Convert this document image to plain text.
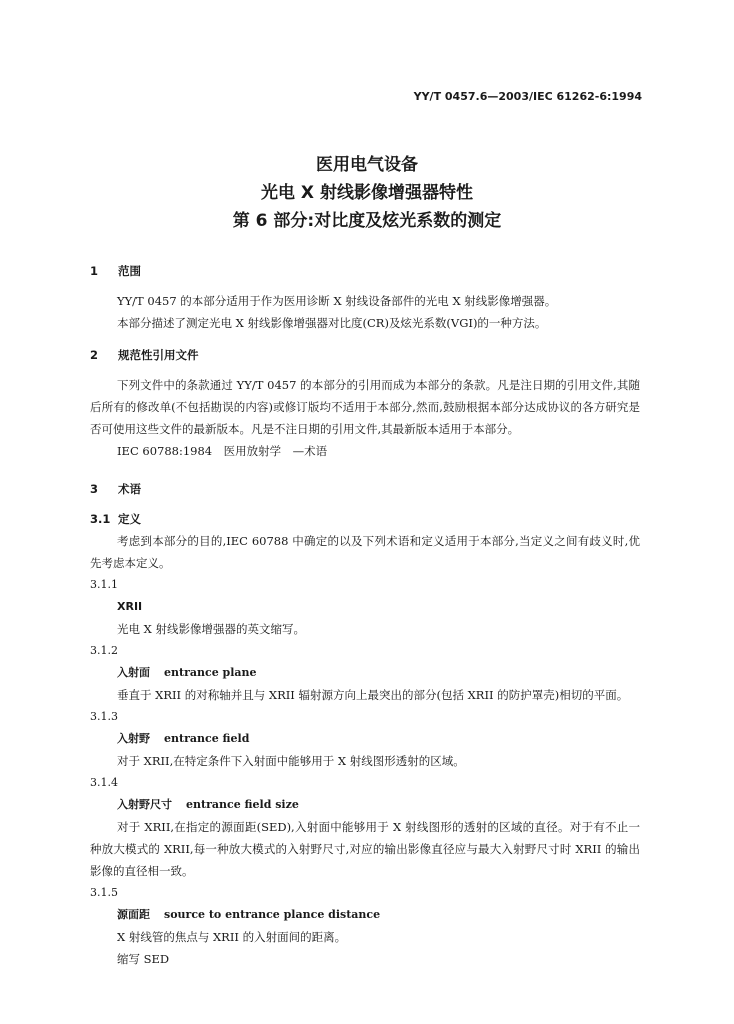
YY/T 0457.6—2003/IEC 61262-6:1994
医用电气设备
光电 X 射线影像增强器特性
第 6 部分:对比度及炫光系数的测定
1 范围
YY/T 0457 的本部分适用于作为医用诊断 X 射线设备部件的光电 X 射线影像增强器。
本部分描述了测定光电 X 射线影像增强器对比度(CR)及炫光系数(VGI)的一种方法。
2 规范性引用文件
下列文件中的条款通过 YY/T 0457 的本部分的引用而成为本部分的条款。凡是注日期的引用文件,其随后所有的修改单(不包括勘误的内容)或修订版均不适用于本部分,然而,鼓励根据本部分达成协议的各方研究是否可使用这些文件的最新版本。凡是不注日期的引用文件,其最新版本适用于本部分。
IEC 60788:1984　医用放射学　—术语
3 术语
3.1 定义
考虑到本部分的目的,IEC 60788 中确定的以及下列术语和定义适用于本部分,当定义之间有歧义时,优先考虑本定义。
3.1.1
XRII
光电 X 射线影像增强器的英文缩写。
3.1.2
入射面 entrance plane
垂直于 XRII 的对称轴并且与 XRII 辐射源方向上最突出的部分(包括 XRII 的防护罩壳)相切的平面。
3.1.3
入射野 entrance field
对于 XRII,在特定条件下入射面中能够用于 X 射线图形透射的区域。
3.1.4
入射野尺寸 entrance field size
对于 XRII,在指定的源面距(SED),入射面中能够用于 X 射线图形的透射的区域的直径。对于有不止一种放大模式的 XRII,每一种放大模式的入射野尺寸,对应的输出影像直径应与最大入射野尺寸时 XRII 的输出影像的直径相一致。
3.1.5
源面距 source to entrance plance distance
X 射线管的焦点与 XRII 的入射面间的距离。
缩写 SED
